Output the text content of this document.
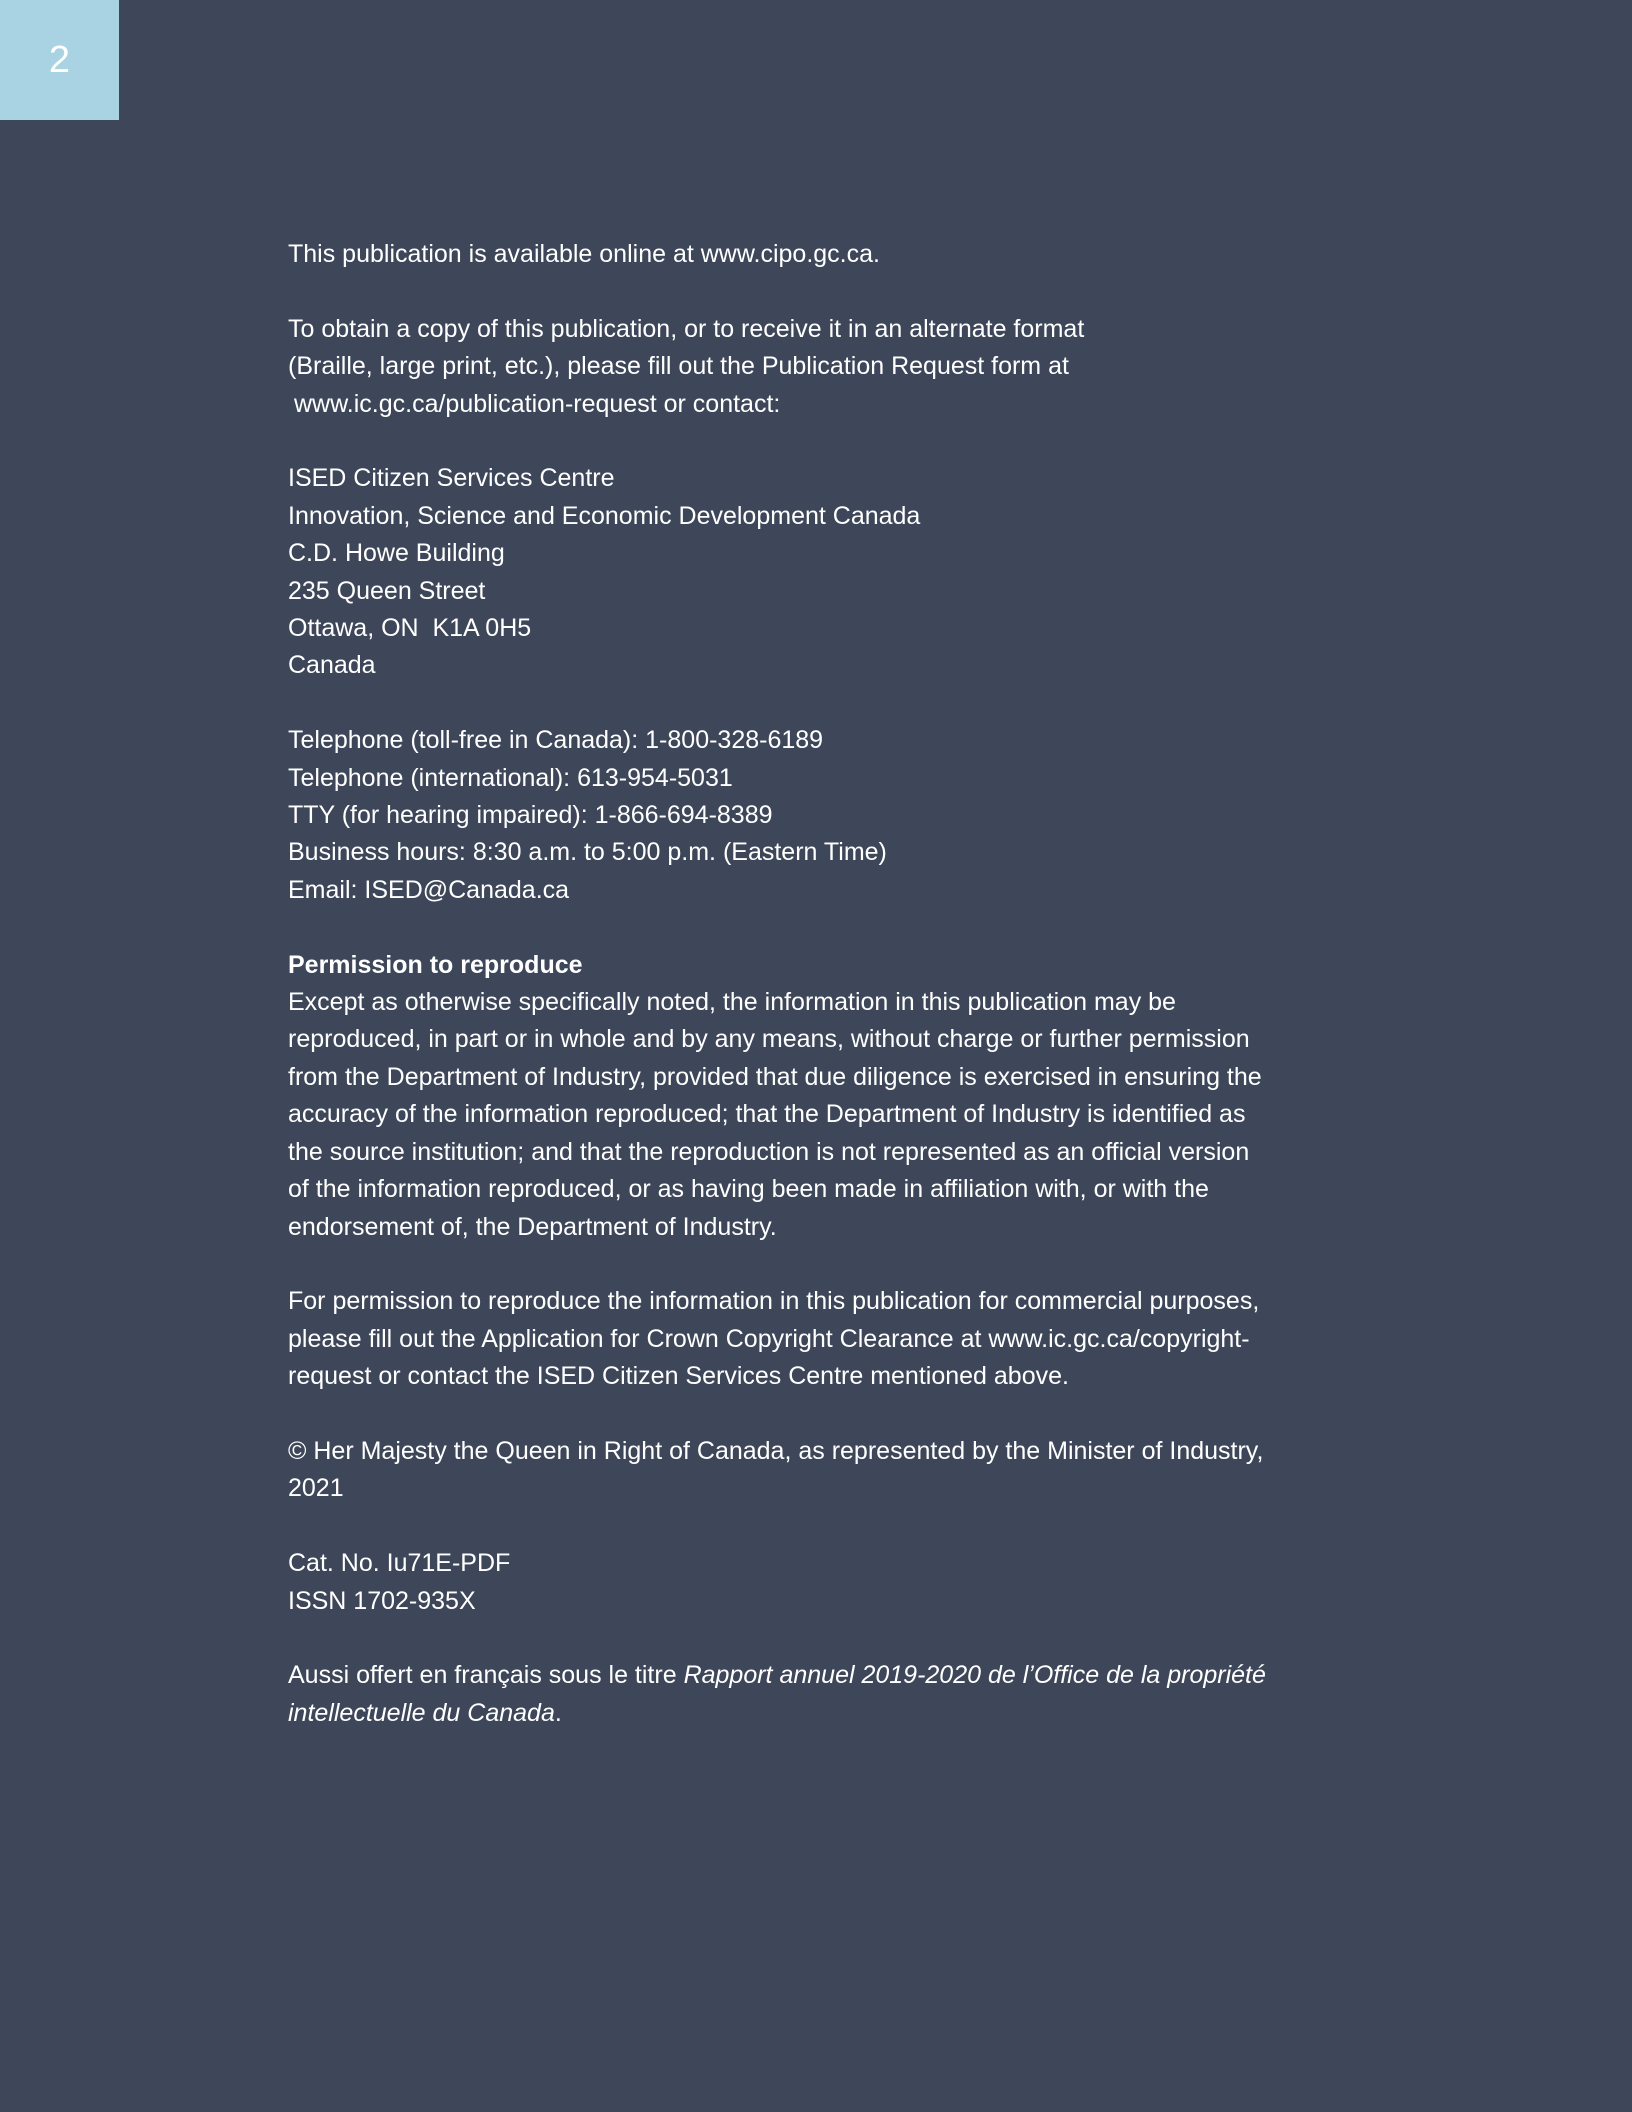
2
This publication is available online at www.cipo.gc.ca.
To obtain a copy of this publication, or to receive it in an alternate format
(Braille, large print, etc.), please fill out the Publication Request form at
www.ic.gc.ca/publication-request or contact:
ISED Citizen Services Centre
Innovation, Science and Economic Development Canada
C.D. Howe Building
235 Queen Street
Ottawa, ON  K1A 0H5
Canada
Telephone (toll-free in Canada): 1-800-328-6189
Telephone (international): 613-954-5031
TTY (for hearing impaired): 1-866-694-8389
Business hours: 8:30 a.m. to 5:00 p.m. (Eastern Time)
Email: ISED@Canada.ca
Permission to reproduce
Except as otherwise specifically noted, the information in this publication may be
reproduced, in part or in whole and by any means, without charge or further permission
from the Department of Industry, provided that due diligence is exercised in ensuring the
accuracy of the information reproduced; that the Department of Industry is identified as
the source institution; and that the reproduction is not represented as an official version
of the information reproduced, or as having been made in affiliation with, or with the
endorsement of, the Department of Industry.
For permission to reproduce the information in this publication for commercial purposes,
please fill out the Application for Crown Copyright Clearance at www.ic.gc.ca/copyright-
request or contact the ISED Citizen Services Centre mentioned above.
© Her Majesty the Queen in Right of Canada, as represented by the Minister of Industry,
2021
Cat. No. Iu71E-PDF
ISSN 1702-935X
Aussi offert en français sous le titre Rapport annuel 2019-2020 de l’Office de la propriété
intellectuelle du Canada.
